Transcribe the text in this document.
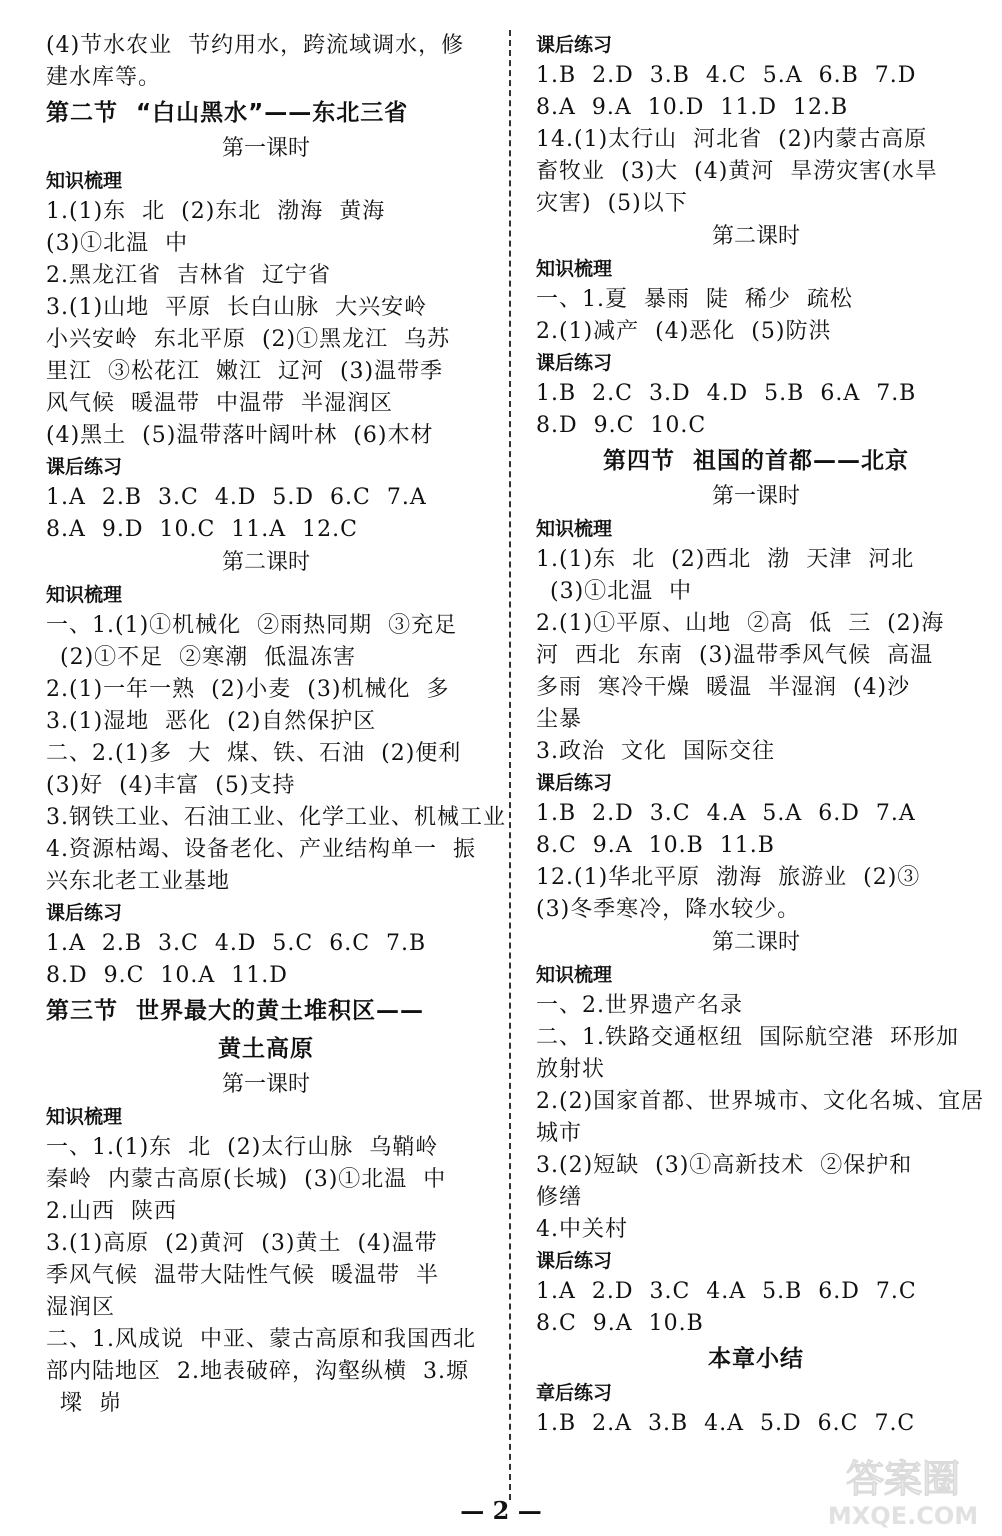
(4)节水农业  节约用水，跨流域调水，修
建水库等。
第二节  “白山黑水”——东北三省
第一课时
知识梳理
1.(1)东  北  (2)东北  渤海  黄海
(3)①北温  中
2.黑龙江省  吉林省  辽宁省
3.(1)山地  平原  长白山脉  大兴安岭
小兴安岭  东北平原  (2)①黑龙江  乌苏
里江  ③松花江  嫩江  辽河  (3)温带季
风气候  暖温带  中温带  半湿润区
(4)黑土  (5)温带落叶阔叶林  (6)木材
课后练习
1.A  2.B  3.C  4.D  5.D  6.C  7.A
8.A  9.D  10.C  11.A  12.C
第二课时
知识梳理
一、1.(1)①机械化  ②雨热同期  ③充足
(2)①不足  ②寒潮  低温冻害
2.(1)一年一熟  (2)小麦  (3)机械化  多
3.(1)湿地  恶化  (2)自然保护区
二、2.(1)多  大  煤、铁、石油  (2)便利
(3)好  (4)丰富  (5)支持
3.钢铁工业、石油工业、化学工业、机械工业
4.资源枯竭、设备老化、产业结构单一  振
兴东北老工业基地
课后练习
1.A  2.B  3.C  4.D  5.C  6.C  7.B
8.D  9.C  10.A  11.D
第三节  世界最大的黄土堆积区——
黄土高原
第一课时
知识梳理
一、1.(1)东  北  (2)太行山脉  乌鞘岭
秦岭  内蒙古高原(长城)  (3)①北温  中
2.山西  陕西
3.(1)高原  (2)黄河  (3)黄土  (4)温带
季风气候  温带大陆性气候  暖温带  半
湿润区
二、1.风成说  中亚、蒙古高原和我国西北
部内陆地区  2.地表破碎，沟壑纵横  3.塬
墚  峁
课后练习
1.B  2.D  3.B  4.C  5.A  6.B  7.D
8.A  9.A  10.D  11.D  12.B
14.(1)太行山  河北省  (2)内蒙古高原
畜牧业  (3)大  (4)黄河  旱涝灾害(水旱
灾害)  (5)以下
第二课时
知识梳理
一、1.夏  暴雨  陡  稀少  疏松
2.(1)减产  (4)恶化  (5)防洪
课后练习
1.B  2.C  3.D  4.D  5.B  6.A  7.B
8.D  9.C  10.C
第四节  祖国的首都——北京
第一课时
知识梳理
1.(1)东  北  (2)西北  渤  天津  河北
(3)①北温  中
2.(1)①平原、山地  ②高  低  三  (2)海
河  西北  东南  (3)温带季风气候  高温
多雨  寒冷干燥  暖温  半湿润  (4)沙
尘暴
3.政治  文化  国际交往
课后练习
1.B  2.D  3.C  4.A  5.A  6.D  7.A
8.C  9.A  10.B  11.B
12.(1)华北平原  渤海  旅游业  (2)③
(3)冬季寒冷，降水较少。
第二课时
知识梳理
一、2.世界遗产名录
二、1.铁路交通枢纽  国际航空港  环形加
放射状
2.(2)国家首都、世界城市、文化名城、宜居
城市
3.(2)短缺  (3)①高新技术  ②保护和
修缮
4.中关村
课后练习
1.A  2.D  3.C  4.A  5.B  6.D  7.C
8.C  9.A  10.B
本章小结
章后练习
1.B  2.A  3.B  4.A  5.D  6.C  7.C
— 2 —
答案圈
MXQE.COM
